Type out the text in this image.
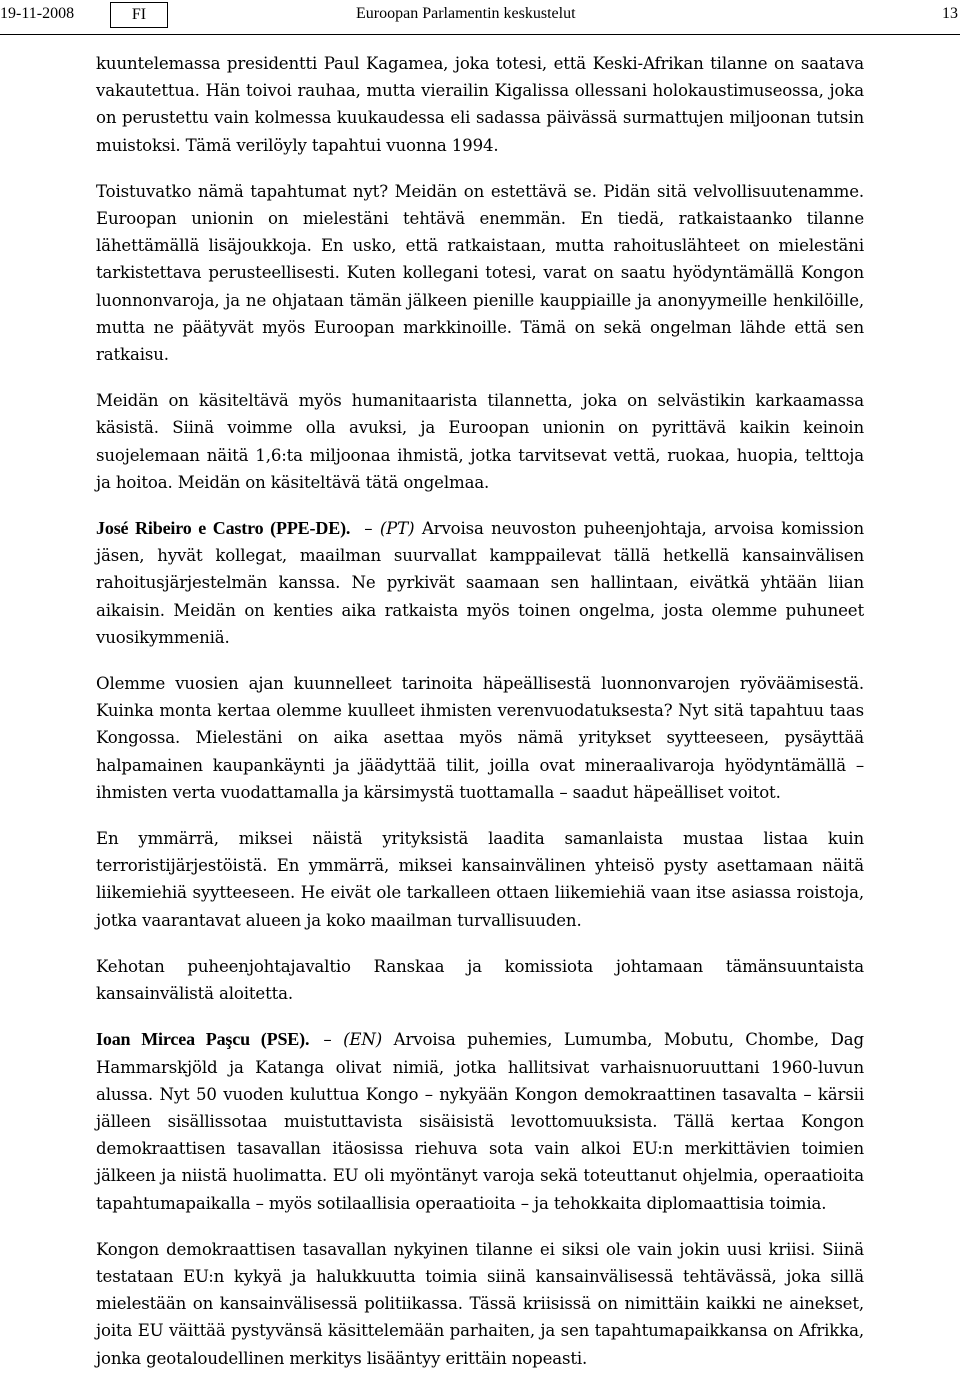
19-11-2008	FI	Euroopan Parlamentin keskustelut	13

kuuntelemassa presidentti Paul Kagamea, joka totesi, että Keski-Afrikan tilanne on saatava vakautettua. Hän toivoi rauhaa, mutta vierailin Kigalissa ollessani holokaustimuseossa, joka on perustettu vain kolmessa kuukaudessa eli sadassa päivässä surmattujen miljoonan tutsin muistoksi. Tämä verilöyly tapahtui vuonna 1994.

Toistuvatko nämä tapahtumat nyt? Meidän on estettävä se. Pidän sitä velvollisuutenamme. Euroopan unionin on mielestäni tehtävä enemmän. En tiedä, ratkaistaanko tilanne lähettämällä lisäjoukkoja. En usko, että ratkaistaan, mutta rahoituslähteet on mielestäni tarkistettava perusteellisesti. Kuten kollegani totesi, varat on saatu hyödyntämällä Kongon luonnonvaroja, ja ne ohjataan tämän jälkeen pienille kauppiaille ja anonyymeille henkilöille, mutta ne päätyvät myös Euroopan markkinoille. Tämä on sekä ongelman lähde että sen ratkaisu.

Meidän on käsiteltävä myös humanitaarista tilannetta, joka on selvästikin karkaamassa käsistä. Siinä voimme olla avuksi, ja Euroopan unionin on pyrittävä kaikin keinoin suojelemaan näitä 1,6:ta miljoonaa ihmistä, jotka tarvitsevat vettä, ruokaa, huopia, telttoja ja hoitoa. Meidän on käsiteltävä tätä ongelmaa.

José Ribeiro e Castro (PPE-DE). – (PT) Arvoisa neuvoston puheenjohtaja, arvoisa komission jäsen, hyvät kollegat, maailman suurvallat kamppailevat tällä hetkellä kansainvälisen rahoitusjärjestelmän kanssa. Ne pyrkivät saamaan sen hallintaan, eivätkä yhtään liian aikaisin. Meidän on kenties aika ratkaista myös toinen ongelma, josta olemme puhuneet vuosikymmeniä.

Olemme vuosien ajan kuunnelleet tarinoita häpeällisestä luonnonvarojen ryöväämisestä. Kuinka monta kertaa olemme kuulleet ihmisten verenvuodatuksesta? Nyt sitä tapahtuu taas Kongossa. Mielestäni on aika asettaa myös nämä yritykset syytteeseen, pysäyttää halpamainen kaupankäynti ja jäädyttää tilit, joilla ovat mineraalivaroja hyödyntämällä – ihmisten verta vuodattamalla ja kärsimystä tuottamalla – saadut häpeälliset voitot.

En ymmärrä, miksei näistä yrityksistä laadita samanlaista mustaa listaa kuin terroristijärjestöistä. En ymmärrä, miksei kansainvälinen yhteisö pysty asettamaan näitä liikemiehiä syytteeseen. He eivät ole tarkalleen ottaen liikemiehiä vaan itse asiassa roistoja, jotka vaarantavat alueen ja koko maailman turvallisuuden.

Kehotan puheenjohtajavaltio Ranskaa ja komissiota johtamaan tämänsuuntaista kansainvälistä aloitetta.

Ioan Mircea Paşcu (PSE). – (EN) Arvoisa puhemies, Lumumba, Mobutu, Chombe, Dag Hammarskjöld ja Katanga olivat nimiä, jotka hallitsivat varhaisnuoruuttani 1960-luvun alussa. Nyt 50 vuoden kuluttua Kongo – nykyään Kongon demokraattinen tasavalta – kärsii jälleen sisällissotaa muistuttavista sisäisistä levottomuuksista. Tällä kertaa Kongon demokraattisen tasavallan itäosissa riehuva sota vain alkoi EU:n merkittävien toimien jälkeen ja niistä huolimatta. EU oli myöntänyt varoja sekä toteuttanut ohjelmia, operaatioita tapahtumapaikalla – myös sotilaallisia operaatioita – ja tehokkaita diplomaattisia toimia.

Kongon demokraattisen tasavallan nykyinen tilanne ei siksi ole vain jokin uusi kriisi. Siinä testataan EU:n kykyä ja halukkuutta toimia siinä kansainvälisessä tehtävässä, joka sillä mielestään on kansainvälisessä politiikassa. Tässä kriisissä on nimittäin kaikki ne ainekset, joita EU väittää pystyvänsä käsittelemään parhaiten, ja sen tapahtumapaikkansa on Afrikka, jonka geotaloudellinen merkitys lisääntyy erittäin nopeasti.
